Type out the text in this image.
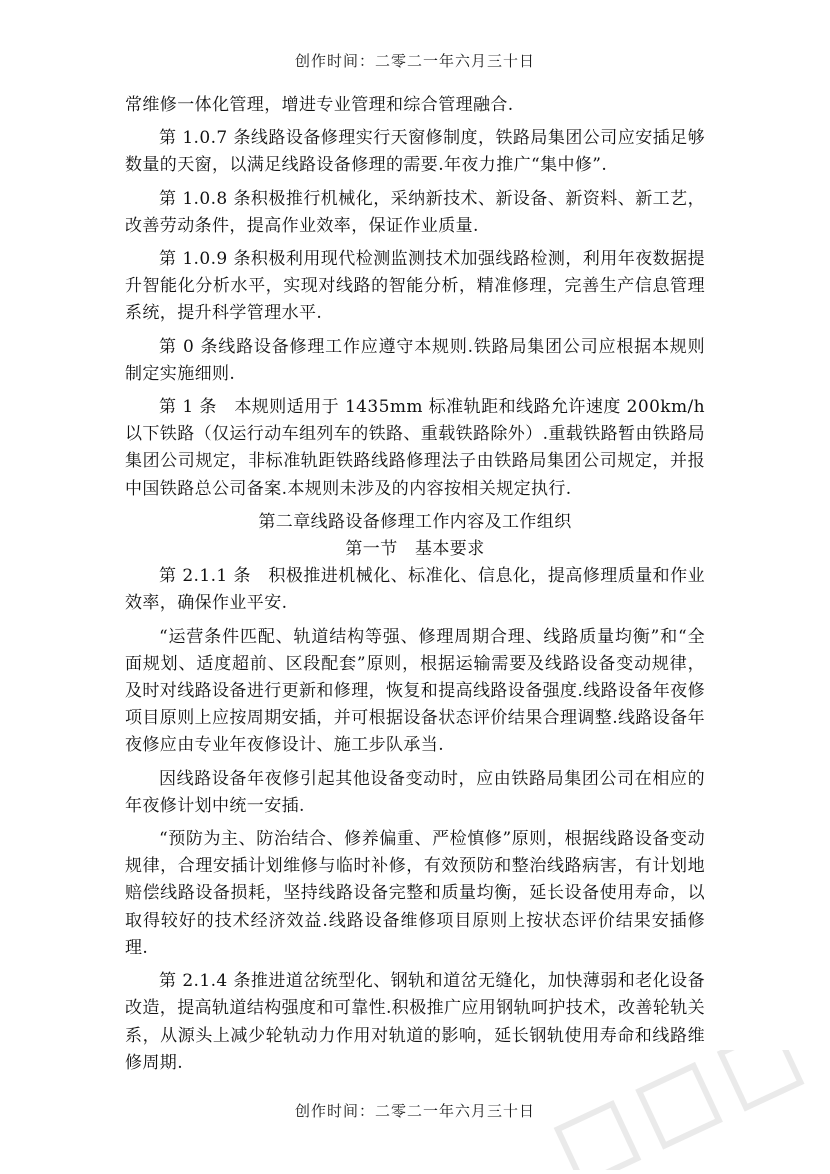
创作时间：二零二一年六月三十日

常维修一体化管理，增进专业管理和综合管理融合.

第 1.0.7 条线路设备修理实行天窗修制度，铁路局集团公司应安插足够数量的天窗，以满足线路设备修理的需要.年夜力推广“集中修”.

第 1.0.8 条积极推行机械化，采纳新技术、新设备、新资料、新工艺，改善劳动条件，提高作业效率，保证作业质量.

第 1.0.9 条积极利用现代检测监测技术加强线路检测，利用年夜数据提升智能化分析水平，实现对线路的智能分析，精准修理，完善生产信息管理系统，提升科学管理水平.

第 0 条线路设备修理工作应遵守本规则.铁路局集团公司应根据本规则制定实施细则.

第 1 条　本规则适用于 1435mm 标准轨距和线路允许速度 200km/h 以下铁路（仅运行动车组列车的铁路、重载铁路除外）.重载铁路暂由铁路局集团公司规定，非标准轨距铁路线路修理法子由铁路局集团公司规定，并报中国铁路总公司备案.本规则未涉及的内容按相关规定执行.

第二章线路设备修理工作内容及工作组织
第一节　基本要求

第 2.1.1 条　积极推进机械化、标准化、信息化，提高修理质量和作业效率，确保作业平安.

“运营条件匹配、轨道结构等强、修理周期合理、线路质量均衡”和“全面规划、适度超前、区段配套”原则，根据运输需要及线路设备变动规律，及时对线路设备进行更新和修理，恢复和提高线路设备强度.线路设备年夜修项目原则上应按周期安插，并可根据设备状态评价结果合理调整.线路设备年夜修应由专业年夜修设计、施工步队承当.

因线路设备年夜修引起其他设备变动时，应由铁路局集团公司在相应的年夜修计划中统一安插.

“预防为主、防治结合、修养偏重、严检慎修”原则，根据线路设备变动规律，合理安插计划维修与临时补修，有效预防和整治线路病害，有计划地赔偿线路设备损耗，坚持线路设备完整和质量均衡，延长设备使用寿命，以取得较好的技术经济效益.线路设备维修项目原则上按状态评价结果安插修理.

第 2.1.4 条推进道岔统型化、钢轨和道岔无缝化，加快薄弱和老化设备改造，提高轨道结构强度和可靠性.积极推广应用钢轨呵护技术，改善轮轨关系，从源头上减少轮轨动力作用对轨道的影响，延长钢轨使用寿命和线路维修周期.

创作时间：二零二一年六月三十日
